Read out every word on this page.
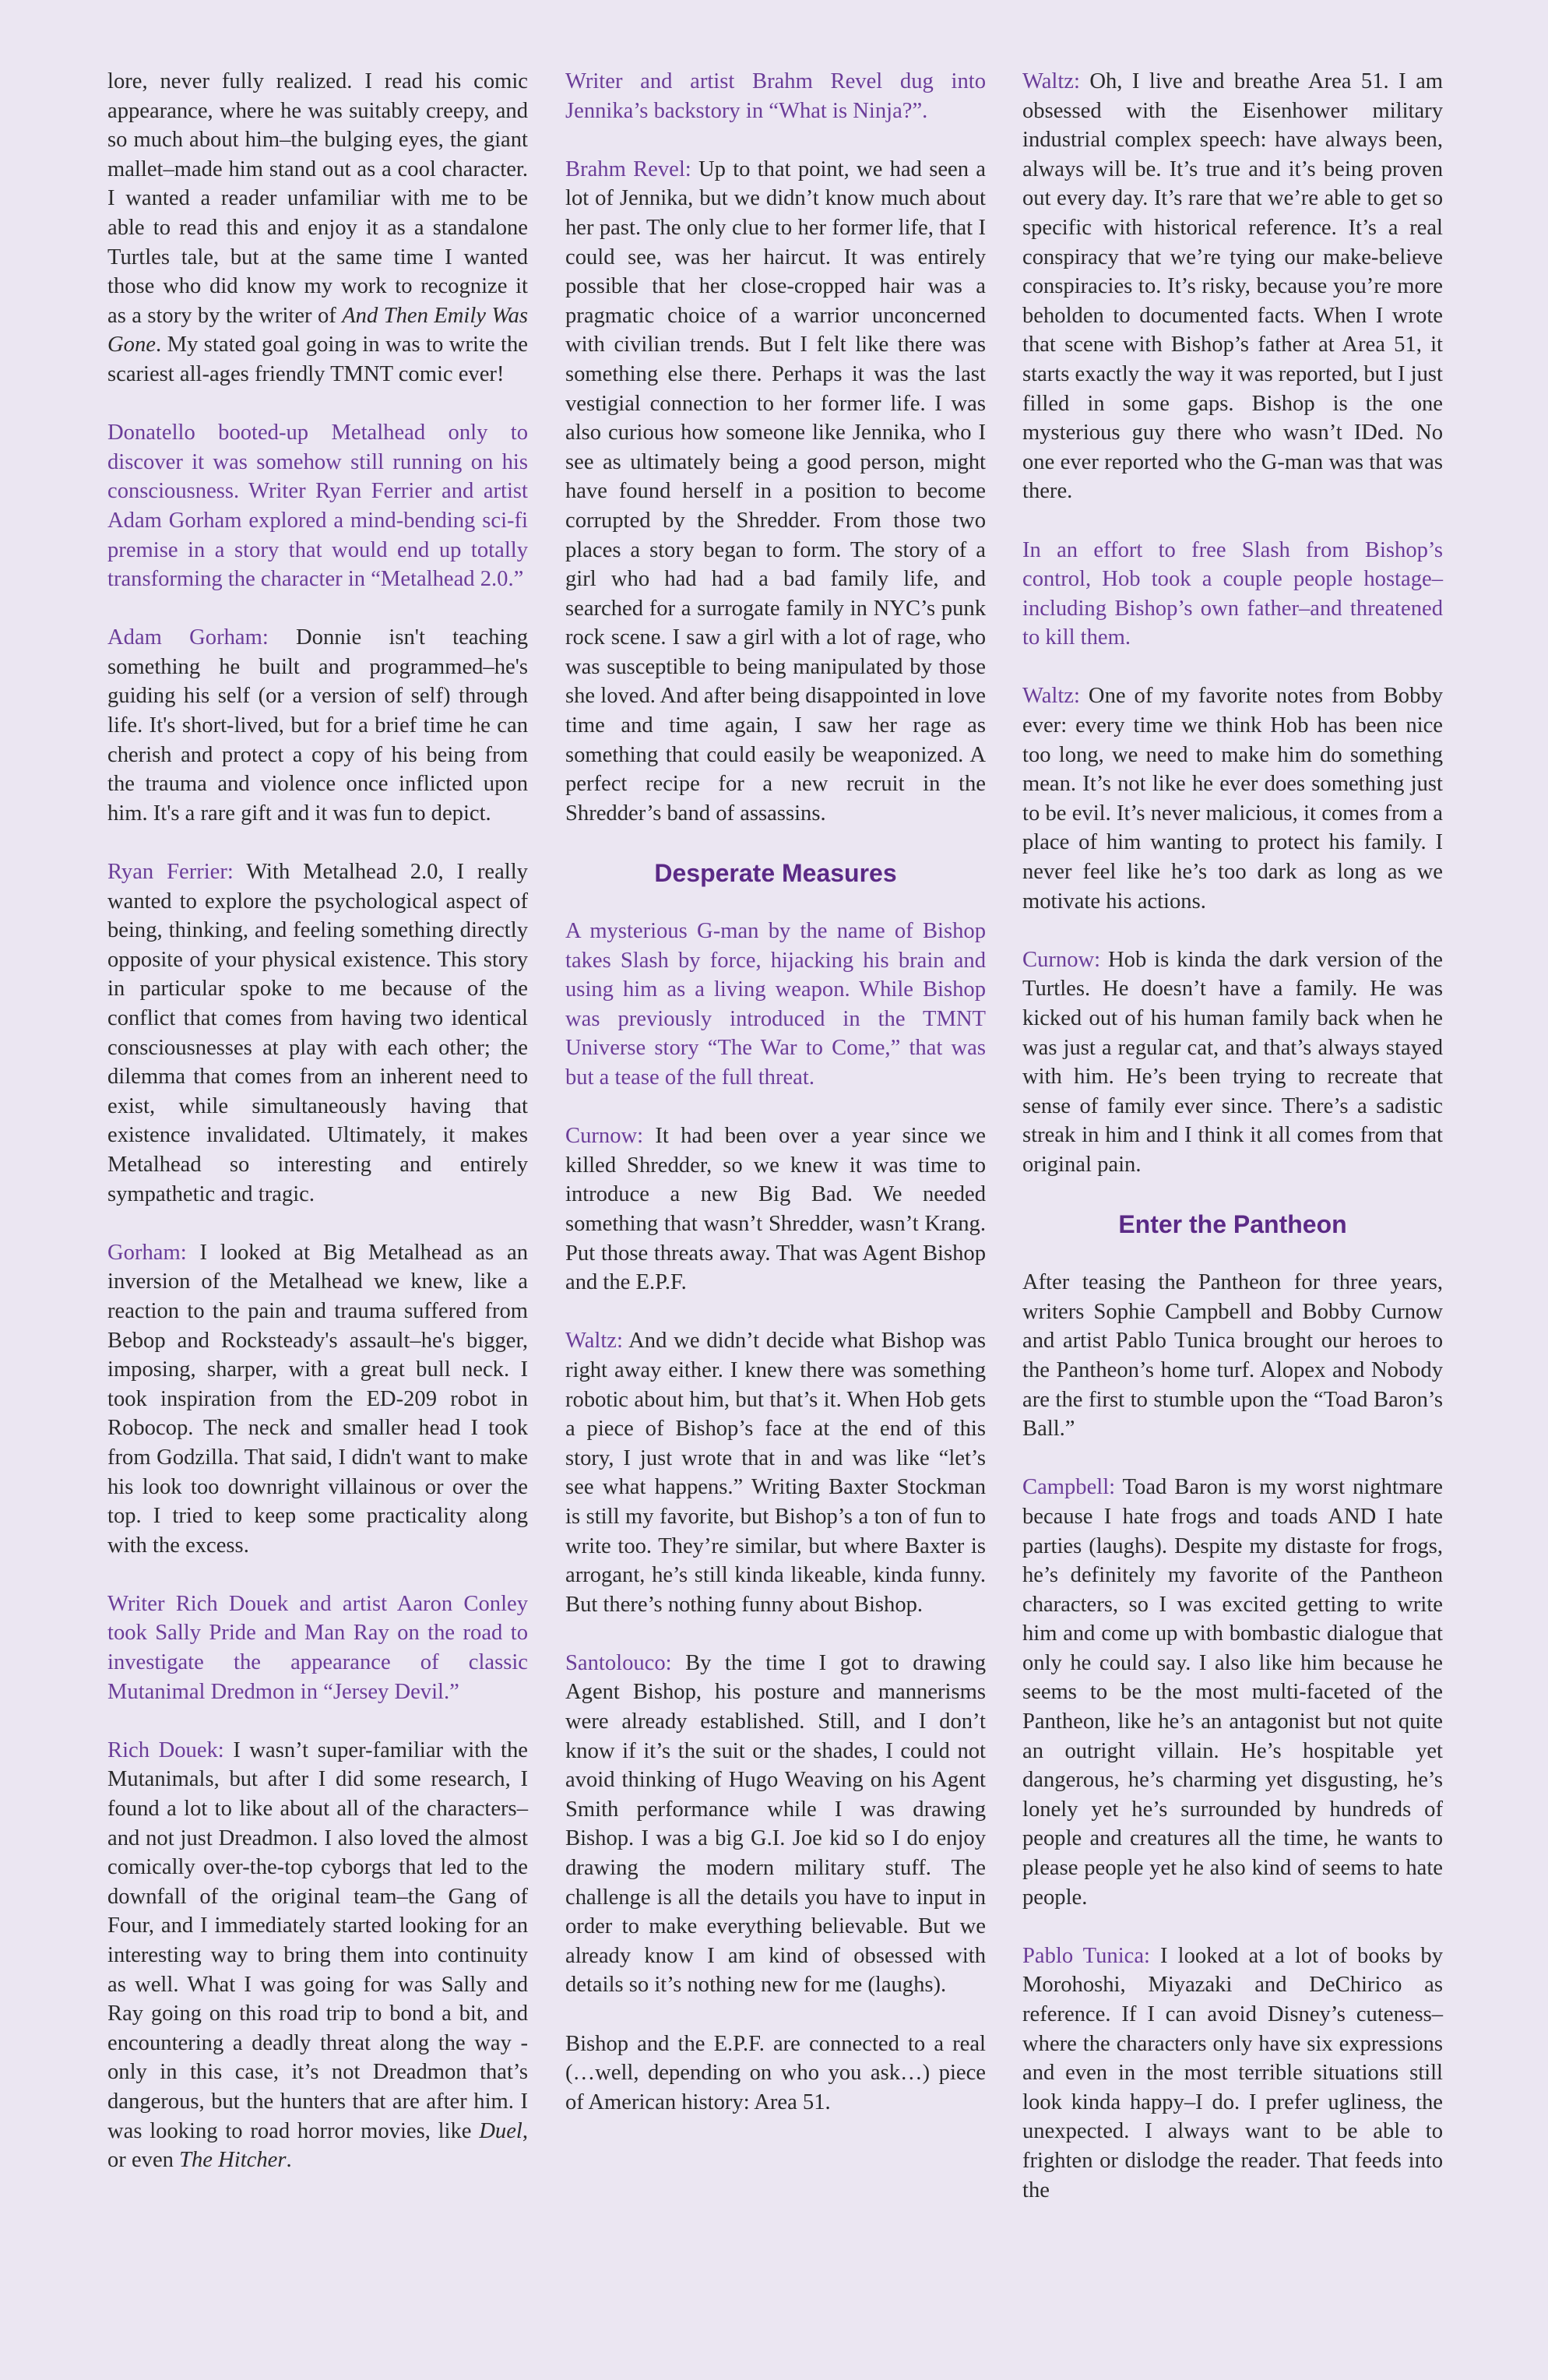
lore, never fully realized. I read his comic appearance, where he was suitably creepy, and so much about him–the bulging eyes, the giant mallet–made him stand out as a cool character. I wanted a reader unfamiliar with me to be able to read this and enjoy it as a standalone Turtles tale, but at the same time I wanted those who did know my work to recognize it as a story by the writer of And Then Emily Was Gone. My stated goal going in was to write the scariest all-ages friendly TMNT comic ever!

Donatello booted-up Metalhead only to discover it was somehow still running on his consciousness. Writer Ryan Ferrier and artist Adam Gorham explored a mind-bending sci-fi premise in a story that would end up totally transforming the character in “Metalhead 2.0.”

Adam Gorham: Donnie isn't teaching something he built and programmed–he's guiding his self (or a version of self) through life. It's short-lived, but for a brief time he can cherish and protect a copy of his being from the trauma and violence once inflicted upon him. It's a rare gift and it was fun to depict.

Ryan Ferrier: With Metalhead 2.0, I really wanted to explore the psychological aspect of being, thinking, and feeling something directly opposite of your physical existence. This story in particular spoke to me because of the conflict that comes from having two identical consciousnesses at play with each other; the dilemma that comes from an inherent need to exist, while simultaneously having that existence invalidated. Ultimately, it makes Metalhead so interesting and entirely sympathetic and tragic.

Gorham: I looked at Big Metalhead as an inversion of the Metalhead we knew, like a reaction to the pain and trauma suffered from Bebop and Rocksteady's assault–he's bigger, imposing, sharper, with a great bull neck. I took inspiration from the ED-209 robot in Robocop. The neck and smaller head I took from Godzilla. That said, I didn't want to make his look too downright villainous or over the top. I tried to keep some practicality along with the excess.

Writer Rich Douek and artist Aaron Conley took Sally Pride and Man Ray on the road to investigate the appearance of classic Mutanimal Dredmon in “Jersey Devil.”

Rich Douek: I wasn’t super-familiar with the Mutanimals, but after I did some research, I found a lot to like about all of the characters–and not just Dreadmon. I also loved the almost comically over-the-top cyborgs that led to the downfall of the original team–the Gang of Four, and I immediately started looking for an interesting way to bring them into continuity as well. What I was going for was Sally and Ray going on this road trip to bond a bit, and encountering a deadly threat along the way - only in this case, it’s not Dreadmon that’s dangerous, but the hunters that are after him. I was looking to road horror movies, like Duel, or even The Hitcher.

Writer and artist Brahm Revel dug into Jennika’s backstory in “What is Ninja?”.

Brahm Revel: Up to that point, we had seen a lot of Jennika, but we didn’t know much about her past. The only clue to her former life, that I could see, was her haircut. It was entirely possible that her close-cropped hair was a pragmatic choice of a warrior unconcerned with civilian trends. But I felt like there was something else there. Perhaps it was the last vestigial connection to her former life. I was also curious how someone like Jennika, who I see as ultimately being a good person, might have found herself in a position to become corrupted by the Shredder. From those two places a story began to form. The story of a girl who had had a bad family life, and searched for a surrogate family in NYC’s punk rock scene. I saw a girl with a lot of rage, who was susceptible to being manipulated by those she loved. And after being disappointed in love time and time again, I saw her rage as something that could easily be weaponized. A perfect recipe for a new recruit in the Shredder’s band of assassins.

Desperate Measures

A mysterious G-man by the name of Bishop takes Slash by force, hijacking his brain and using him as a living weapon. While Bishop was previously introduced in the TMNT Universe story “The War to Come,” that was but a tease of the full threat.

Curnow: It had been over a year since we killed Shredder, so we knew it was time to introduce a new Big Bad. We needed something that wasn’t Shredder, wasn’t Krang. Put those threats away. That was Agent Bishop and the E.P.F.

Waltz: And we didn’t decide what Bishop was right away either. I knew there was something robotic about him, but that’s it. When Hob gets a piece of Bishop’s face at the end of this story, I just wrote that in and was like “let’s see what happens.” Writing Baxter Stockman is still my favorite, but Bishop’s a ton of fun to write too. They’re similar, but where Baxter is arrogant, he’s still kinda likeable, kinda funny. But there’s nothing funny about Bishop.

Santolouco: By the time I got to drawing Agent Bishop, his posture and mannerisms were already established. Still, and I don’t know if it’s the suit or the shades, I could not avoid thinking of Hugo Weaving on his Agent Smith performance while I was drawing Bishop. I was a big G.I. Joe kid so I do enjoy drawing the modern military stuff. The challenge is all the details you have to input in order to make everything believable. But we already know I am kind of obsessed with details so it’s nothing new for me (laughs).

Bishop and the E.P.F. are connected to a real (…well, depending on who you ask…) piece of American history: Area 51.

Waltz: Oh, I live and breathe Area 51. I am obsessed with the Eisenhower military industrial complex speech: have always been, always will be. It’s true and it’s being proven out every day. It’s rare that we’re able to get so specific with historical reference. It’s a real conspiracy that we’re tying our make-believe conspiracies to. It’s risky, because you’re more beholden to documented facts. When I wrote that scene with Bishop’s father at Area 51, it starts exactly the way it was reported, but I just filled in some gaps. Bishop is the one mysterious guy there who wasn’t IDed. No one ever reported who the G-man was that was there.

In an effort to free Slash from Bishop’s control, Hob took a couple people hostage–including Bishop’s own father–and threatened to kill them.

Waltz: One of my favorite notes from Bobby ever: every time we think Hob has been nice too long, we need to make him do something mean. It’s not like he ever does something just to be evil. It’s never malicious, it comes from a place of him wanting to protect his family. I never feel like he’s too dark as long as we motivate his actions.

Curnow: Hob is kinda the dark version of the Turtles. He doesn’t have a family. He was kicked out of his human family back when he was just a regular cat, and that’s always stayed with him. He’s been trying to recreate that sense of family ever since. There’s a sadistic streak in him and I think it all comes from that original pain.

Enter the Pantheon

After teasing the Pantheon for three years, writers Sophie Campbell and Bobby Curnow and artist Pablo Tunica brought our heroes to the Pantheon’s home turf. Alopex and Nobody are the first to stumble upon the “Toad Baron’s Ball.”

Campbell: Toad Baron is my worst nightmare because I hate frogs and toads AND I hate parties (laughs). Despite my distaste for frogs, he’s definitely my favorite of the Pantheon characters, so I was excited getting to write him and come up with bombastic dialogue that only he could say. I also like him because he seems to be the most multi-faceted of the Pantheon, like he’s an antagonist but not quite an outright villain. He’s hospitable yet dangerous, he’s charming yet disgusting, he’s lonely yet he’s surrounded by hundreds of people and creatures all the time, he wants to please people yet he also kind of seems to hate people.

Pablo Tunica: I looked at a lot of books by Morohoshi, Miyazaki and DeChirico as reference. If I can avoid Disney’s cuteness–where the characters only have six expressions and even in the most terrible situations still look kinda happy–I do. I prefer ugliness, the unexpected. I always want to be able to frighten or dislodge the reader. That feeds into the
